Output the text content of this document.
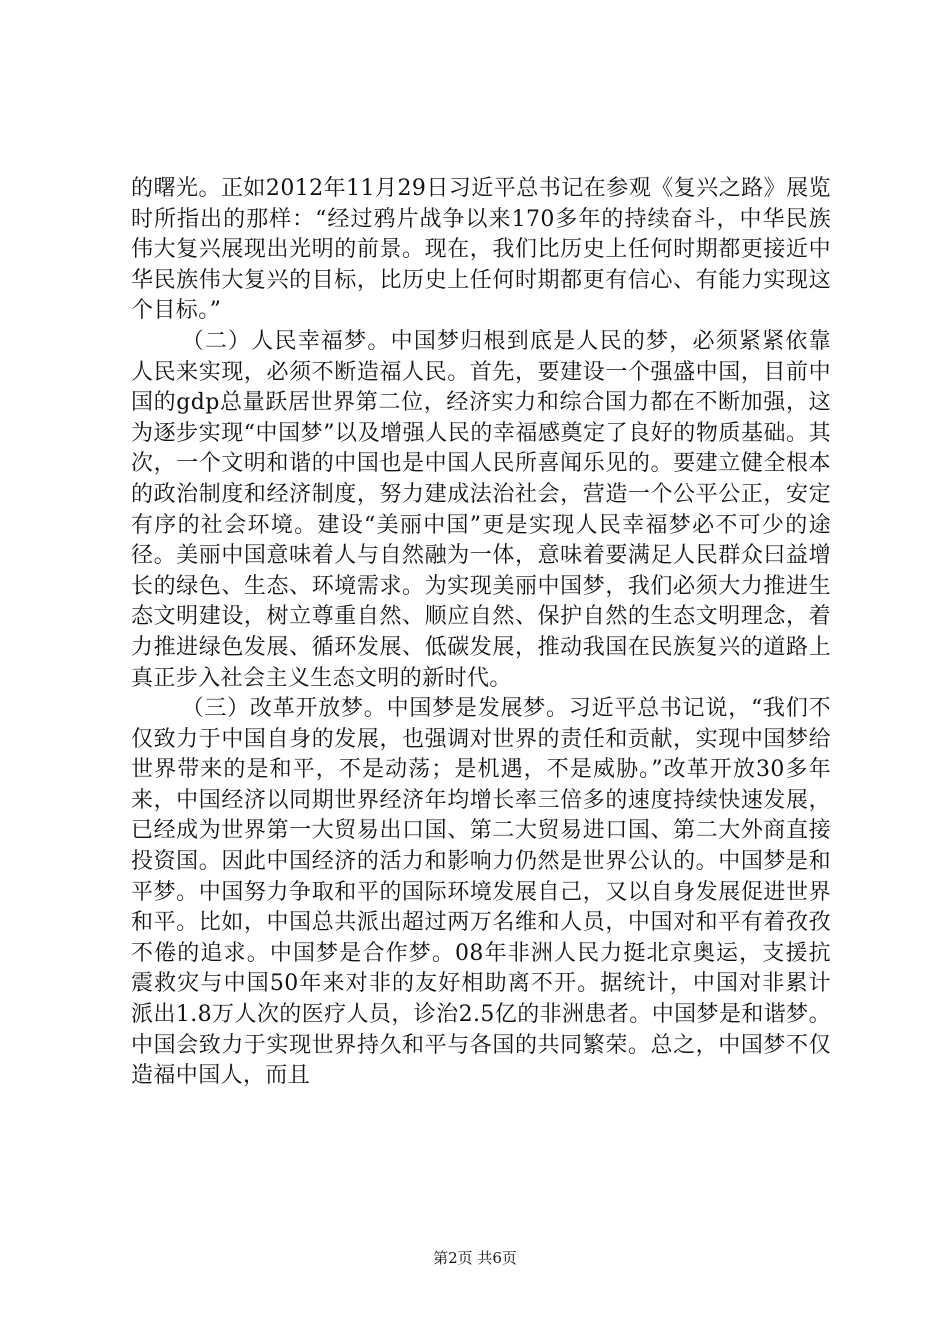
的曙光。正如2012年11月29日习近平总书记在参观《复兴之路》展览时所指出的那样：“经过鸦片战争以来170多年的持续奋斗，中华民族伟大复兴展现出光明的前景。现在，我们比历史上任何时期都更接近中华民族伟大复兴的目标，比历史上任何时期都更有信心、有能力实现这个目标。”

（二）人民幸福梦。中国梦归根到底是人民的梦，必须紧紧依靠人民来实现，必须不断造福人民。首先，要建设一个强盛中国，目前中国的gdp总量跃居世界第二位，经济实力和综合国力都在不断加强，这为逐步实现“中国梦”以及增强人民的幸福感奠定了良好的物质基础。其次，一个文明和谐的中国也是中国人民所喜闻乐见的。要建立健全根本的政治制度和经济制度，努力建成法治社会，营造一个公平公正，安定有序的社会环境。建设“美丽中国”更是实现人民幸福梦必不可少的途径。美丽中国意味着人与自然融为一体，意味着要满足人民群众曰益增长的绿色、生态、环境需求。为实现美丽中国梦，我们必须大力推进生态文明建设，树立尊重自然、顺应自然、保护自然的生态文明理念，着力推进绿色发展、循环发展、低碳发展，推动我国在民族复兴的道路上真正步入社会主义生态文明的新时代。

（三）改革开放梦。中国梦是发展梦。习近平总书记说，“我们不仅致力于中国自身的发展，也强调对世界的责任和贡献，实现中国梦给世界带来的是和平，不是动荡；是机遇，不是威胁。”改革开放30多年来，中国经济以同期世界经济年均增长率三倍多的速度持续快速发展，已经成为世界第一大贸易出口国、第二大贸易进口国、第二大外商直接投资国。因此中国经济的活力和影响力仍然是世界公认的。中国梦是和平梦。中国努力争取和平的国际环境发展自己，又以自身发展促进世界和平。比如，中国总共派出超过两万名维和人员，中国对和平有着孜孜不倦的追求。中国梦是合作梦。08年非洲人民力挺北京奥运，支援抗震救灾与中国50年来对非的友好相助离不开。据统计，中国对非累计派出1.8万人次的医疗人员，诊治2.5亿的非洲患者。中国梦是和谐梦。中国会致力于实现世界持久和平与各国的共同繁荣。总之，中国梦不仅造福中国人，而且

第2页 共6页
